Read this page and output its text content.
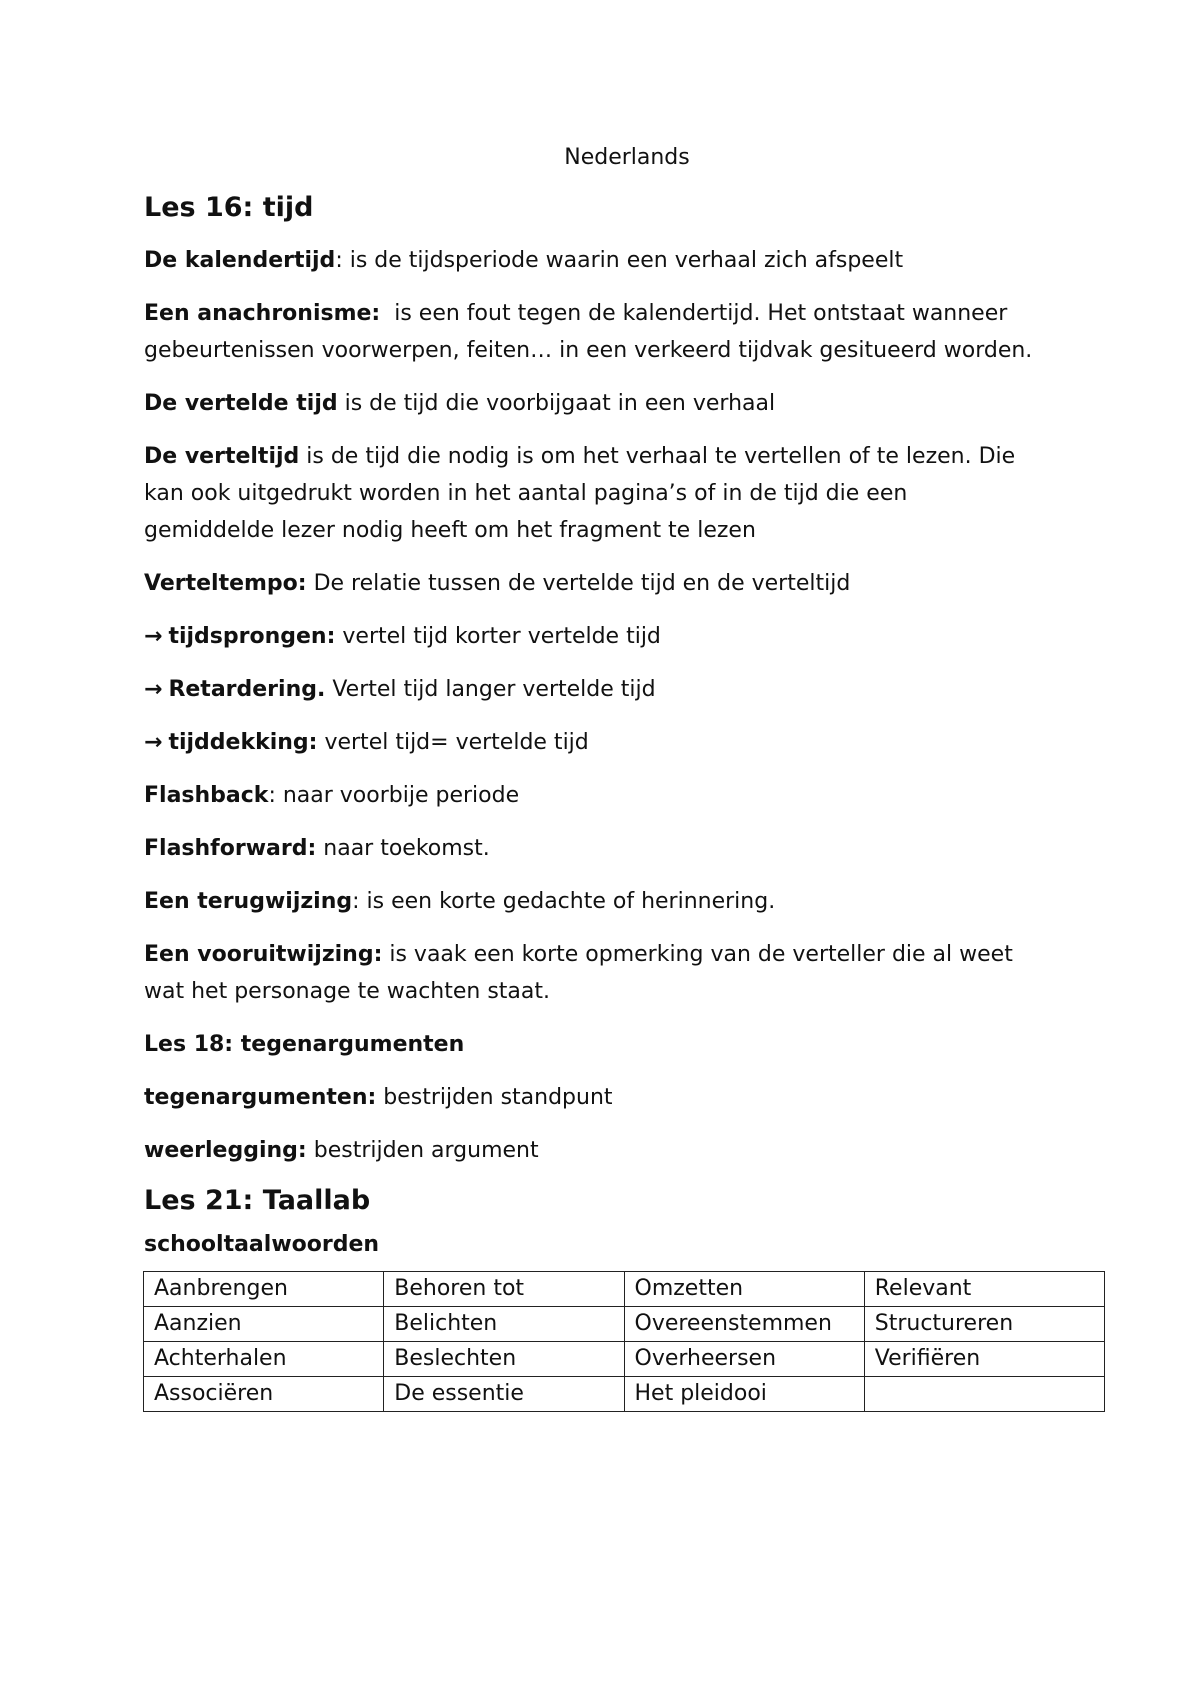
Nederlands
Les 16: tijd

De kalendertijd: is de tijdsperiode waarin een verhaal zich afspeelt

Een anachronisme:  is een fout tegen de kalendertijd. Het ontstaat wanneer gebeurtenissen voorwerpen, feiten… in een verkeerd tijdvak gesitueerd worden.

De vertelde tijd is de tijd die voorbijgaat in een verhaal

De verteltijd is de tijd die nodig is om het verhaal te vertellen of te lezen. Die kan ook uitgedrukt worden in het aantal pagina’s of in de tijd die een gemiddelde lezer nodig heeft om het fragment te lezen

Verteltempo: De relatie tussen de vertelde tijd en de verteltijd

→ tijdsprongen: vertel tijd korter vertelde tijd

→ Retardering. Vertel tijd langer vertelde tijd

→ tijddekking: vertel tijd= vertelde tijd

Flashback: naar voorbije periode

Flashforward: naar toekomst.

Een terugwijzing: is een korte gedachte of herinnering.

Een vooruitwijzing: is vaak een korte opmerking van de verteller die al weet wat het personage te wachten staat.

Les 18: tegenargumenten

tegenargumenten: bestrijden standpunt

weerlegging: bestrijden argument

Les 21: Taallab
schooltaalwoorden
Aanbrengen	Behoren tot	Omzetten	Relevant
Aanzien	Belichten	Overeenstemmen	Structureren
Achterhalen	Beslechten	Overheersen	Verifiëren
Associëren	De essentie	Het pleidooi	
